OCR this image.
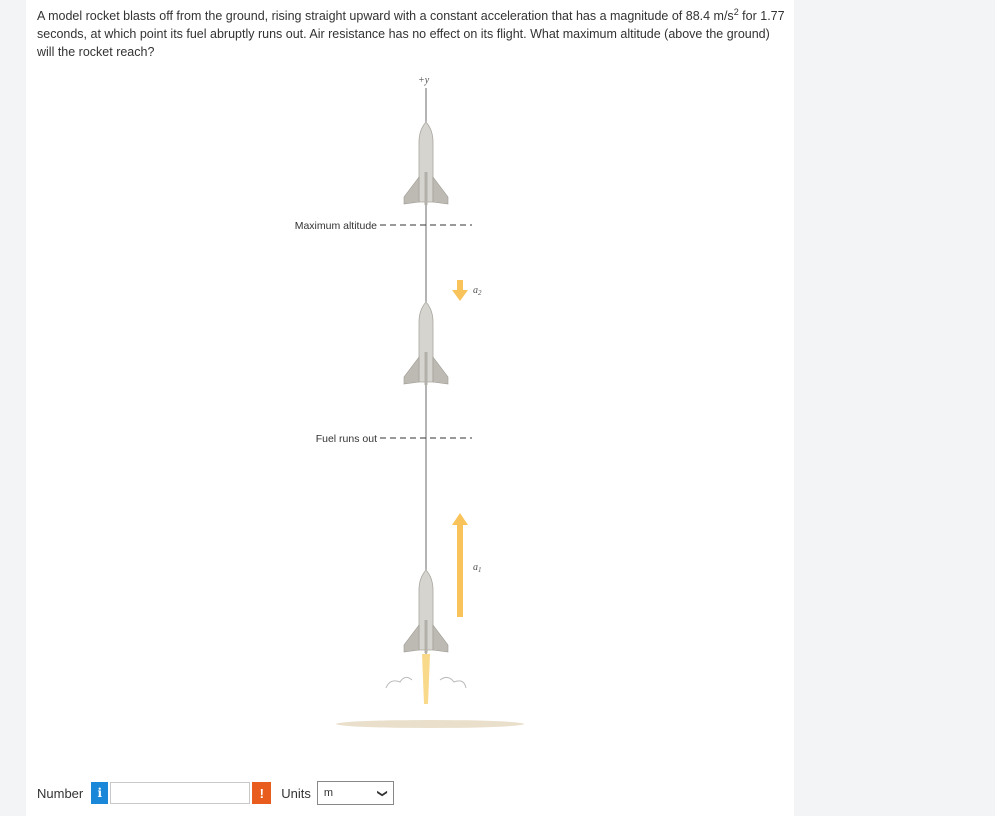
A model rocket blasts off from the ground, rising straight upward with a constant acceleration that has a magnitude of 88.4 $m/s^2$ for 1.77 seconds, at which point its fuel abruptly runs out. Air resistance has no effect on its flight. What maximum altitude (above the ground) will the rocket reach?

+y
Maximum altitude
Fuel runs out
$a_2$
$a_1$
Number	i	!	Units m	❯
